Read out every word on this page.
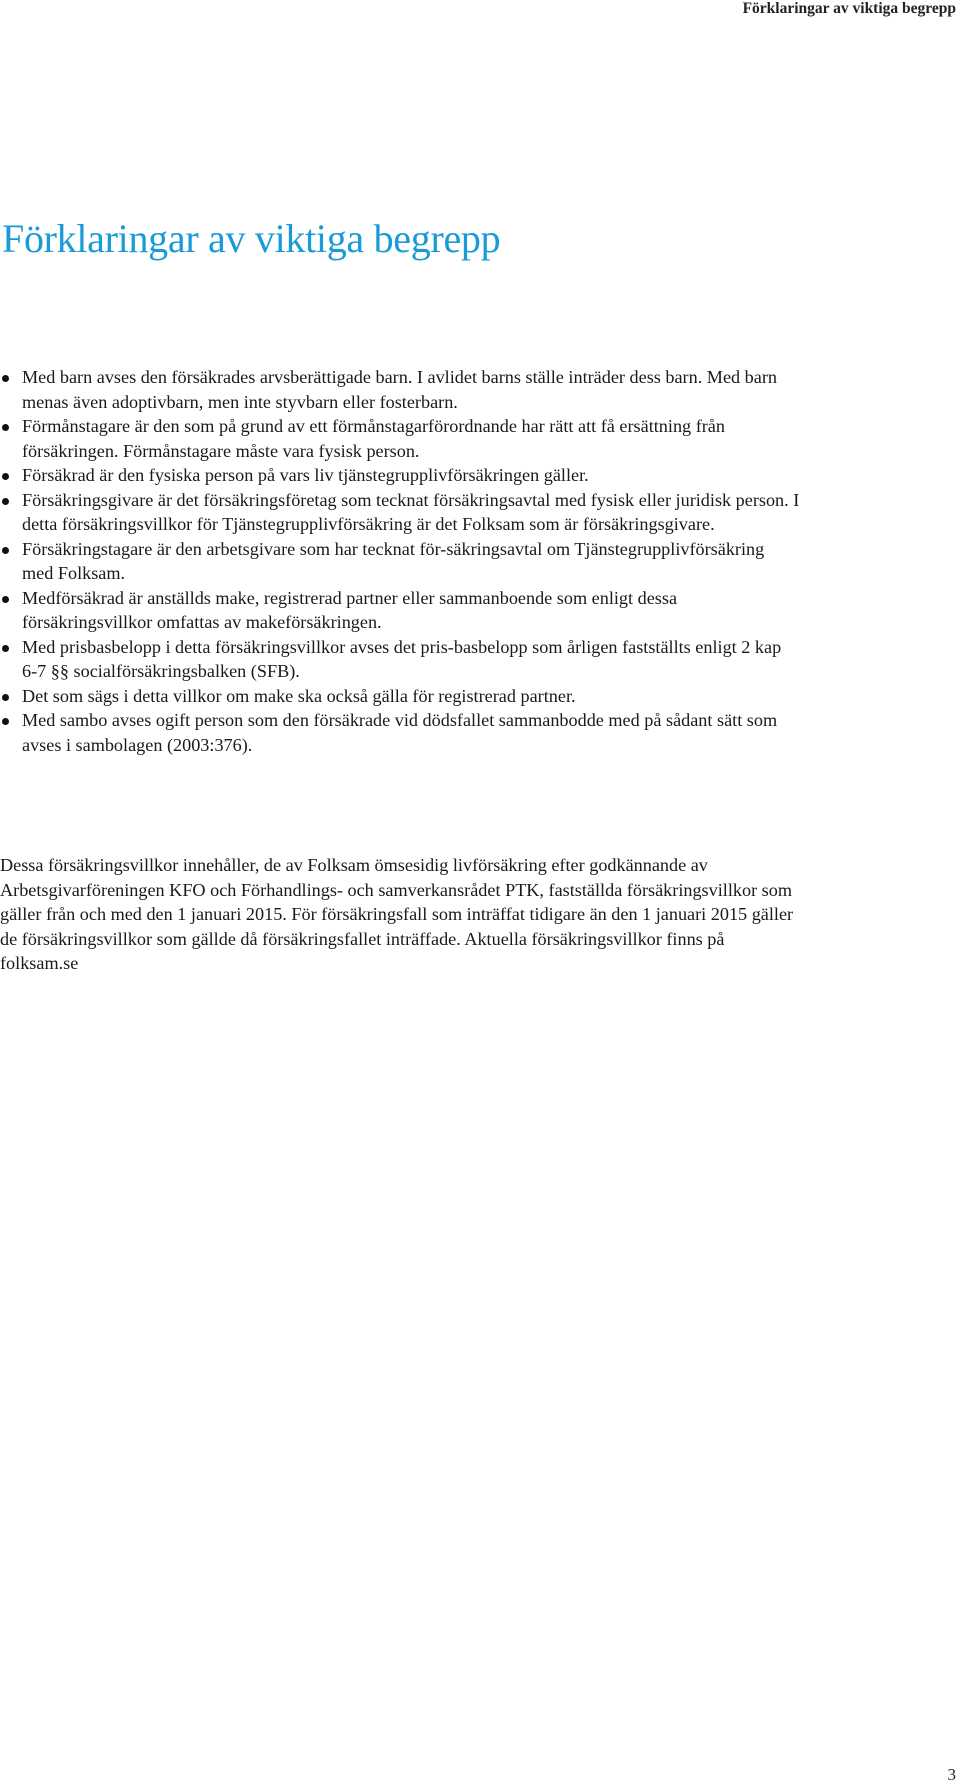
Förklaringar av viktiga begrepp
Förklaringar av viktiga begrepp
Med barn avses den försäkrades arvsberättigade barn. I avlidet barns ställe inträder dess barn. Med barn menas även adoptivbarn, men inte styvbarn eller fosterbarn.
Förmånstagare är den som på grund av ett förmånstagarförordnande har rätt att få ersättning från försäkringen. Förmånstagare måste vara fysisk person.
Försäkrad är den fysiska person på vars liv tjänstegrupplivförsäkringen gäller.
Försäkringsgivare är det försäkringsföretag som tecknat försäkringsavtal med fysisk eller juridisk person. I detta försäkringsvillkor för Tjänstegrupplivförsäkring är det Folksam som är försäkringsgivare.
Försäkringstagare är den arbetsgivare som har tecknat för-säkringsavtal om Tjänstegrupplivförsäkring med Folksam.
Medförsäkrad är anställds make, registrerad partner eller sammanboende som enligt dessa försäkringsvillkor omfattas av makeförsäkringen.
Med prisbasbelopp i detta försäkringsvillkor avses det pris-basbelopp som årligen fastställts enligt 2 kap 6-7 §§ socialförsäkringsbalken (SFB).
Det som sägs i detta villkor om make ska också gälla för registrerad partner.
Med sambo avses ogift person som den försäkrade vid dödsfallet sammanbodde med på sådant sätt som avses i sambolagen (2003:376).

Dessa försäkringsvillkor innehåller, de av Folksam ömsesidig livförsäkring efter godkännande av Arbetsgivarföreningen KFO och Förhandlings- och samverkansrådet PTK, fastställda försäkringsvillkor som gäller från och med den 1 januari 2015. För försäkringsfall som inträffat tidigare än den 1 januari 2015 gäller de försäkringsvillkor som gällde då försäkringsfallet inträffade. Aktuella försäkringsvillkor finns på folksam.se

3
